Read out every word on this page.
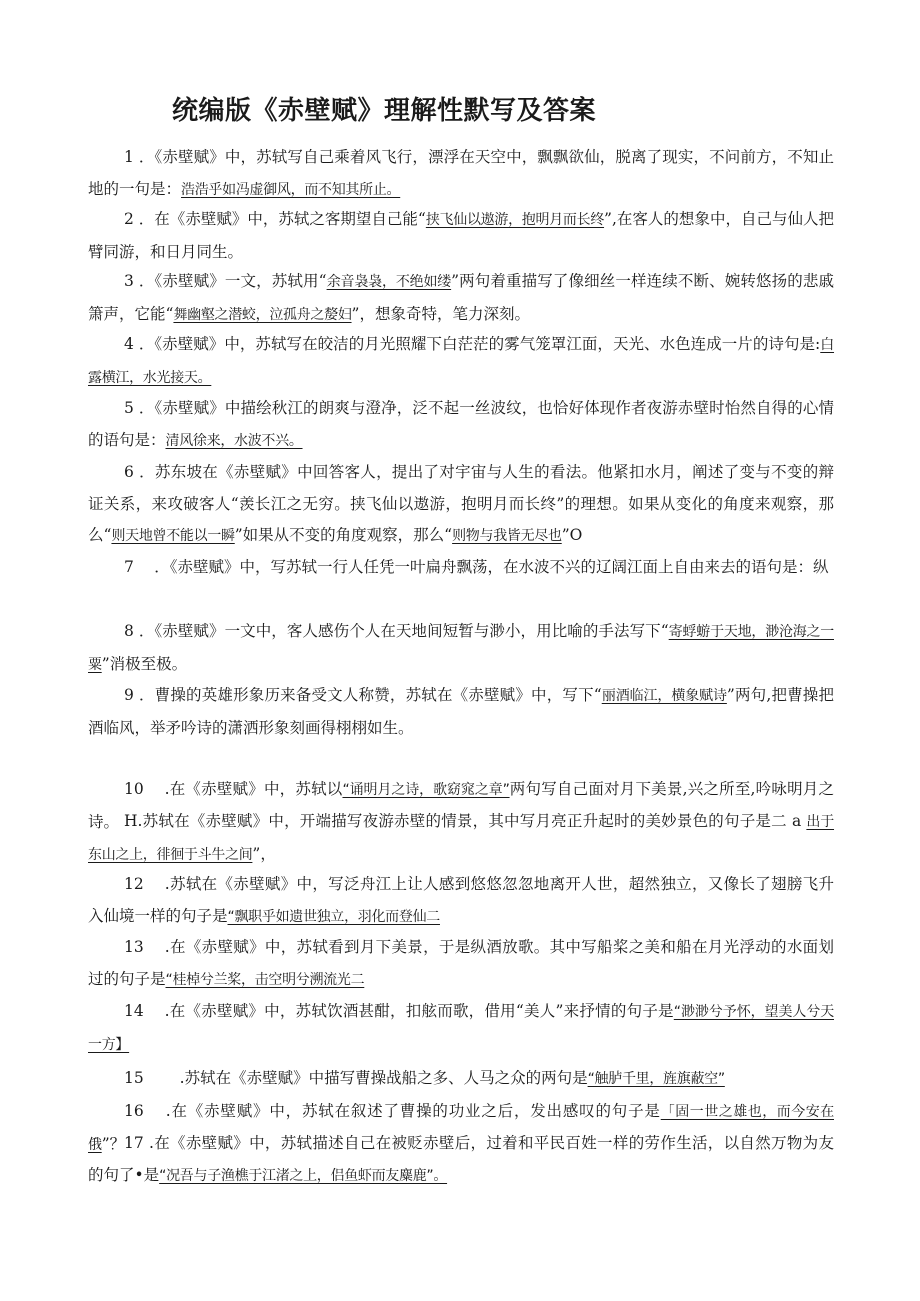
统编版《赤壁赋》理解性默写及答案

1 ．《赤壁赋》中，苏轼写自己乘着风飞行，漂浮在天空中，飘飘欲仙，脱离了现实，不问前方，不知止地的一句是：浩浩乎如冯虚御风，而不知其所止。

2 ．在《赤壁赋》中，苏轼之客期望自己能“挟飞仙以遨游，抱明月而长终”,在客人的想象中，自己与仙人把臂同游，和日月同生。

3 ．《赤壁赋》一文，苏轼用“余音袅袅，不绝如缕”两句着重描写了像细丝一样连续不断、婉转悠扬的悲戚箫声，它能“舞幽壑之潜蛟，泣孤舟之嫠妇”，想象奇特，笔力深刻。

4 ．《赤壁赋》中，苏轼写在皎洁的月光照耀下白茫茫的雾气笼罩江面，天光、水色连成一片的诗句是:白露横江，水光接天。

5 ．《赤壁赋》中描绘秋江的朗爽与澄净，泛不起一丝波纹，也恰好体现作者夜游赤壁时怡然自得的心情的语句是：清风徐来，水波不兴。

6 ．苏东坡在《赤壁赋》中回答客人，提出了对宇宙与人生的看法。他紧扣水月，阐述了变与不变的辩证关系，来攻破客人“羡长江之无穷。挟飞仙以遨游，抱明月而长终”的理想。如果从变化的角度来观察，那么“则天地曾不能以一瞬”如果从不变的角度观察，那么“则物与我皆无尽也”O

7 　．《赤壁赋》中，写苏轼一行人任凭一叶扁舟飘荡，在水波不兴的辽阔江面上自由来去的语句是：纵

8 ．《赤壁赋》一文中，客人感伤个人在天地间短暂与渺小，用比喻的手法写下“寄蜉蝣于天地，渺沧海之一粟”消极至极。

9 ．曹操的英雄形象历来备受文人称赞，苏轼在《赤壁赋》中，写下“丽酒临江，横象赋诗”两句,把曹操把酒临风，举矛吟诗的潇洒形象刻画得栩栩如生。

10 　.在《赤壁赋》中，苏轼以“诵明月之诗，歌窈窕之章”两句写自己面对月下美景,兴之所至,吟咏明月之诗。 H.苏轼在《赤壁赋》中，开端描写夜游赤壁的情景，其中写月亮正升起时的美妙景色的句子是二 a 出于东山之上，徘徊于斗牛之间”，

12 　.苏轼在《赤壁赋》中，写泛舟江上让人感到悠悠忽忽地离开人世，超然独立，又像长了翅膀飞升入仙境一样的句子是“飘职乎如遗世独立，羽化而登仙二

13 　.在《赤壁赋》中，苏轼看到月下美景，于是纵酒放歌。其中写船桨之美和船在月光浮动的水面划过的句子是“桂棹兮兰桨，击空明兮溯流光二

14 　.在《赤壁赋》中，苏轼饮酒甚酣，扣舷而歌，借用“美人”来抒情的句子是“渺渺兮予怀，望美人兮天一方】

15 　　.苏轼在《赤壁赋》中描写曹操战船之多、人马之众的两句是“触胪千里，旌旗蔽空”

16 　.在《赤壁赋》中，苏轼在叙述了曹操的功业之后，发出感叹的句子是「固一世之雄也，而今安在俄”？

17 .在《赤壁赋》中，苏轼描述自己在被贬赤壁后，过着和平民百姓一样的劳作生活，以自然万物为友的句了•是“况吾与子渔樵于江渚之上，侣鱼虾而友麋鹿”。
